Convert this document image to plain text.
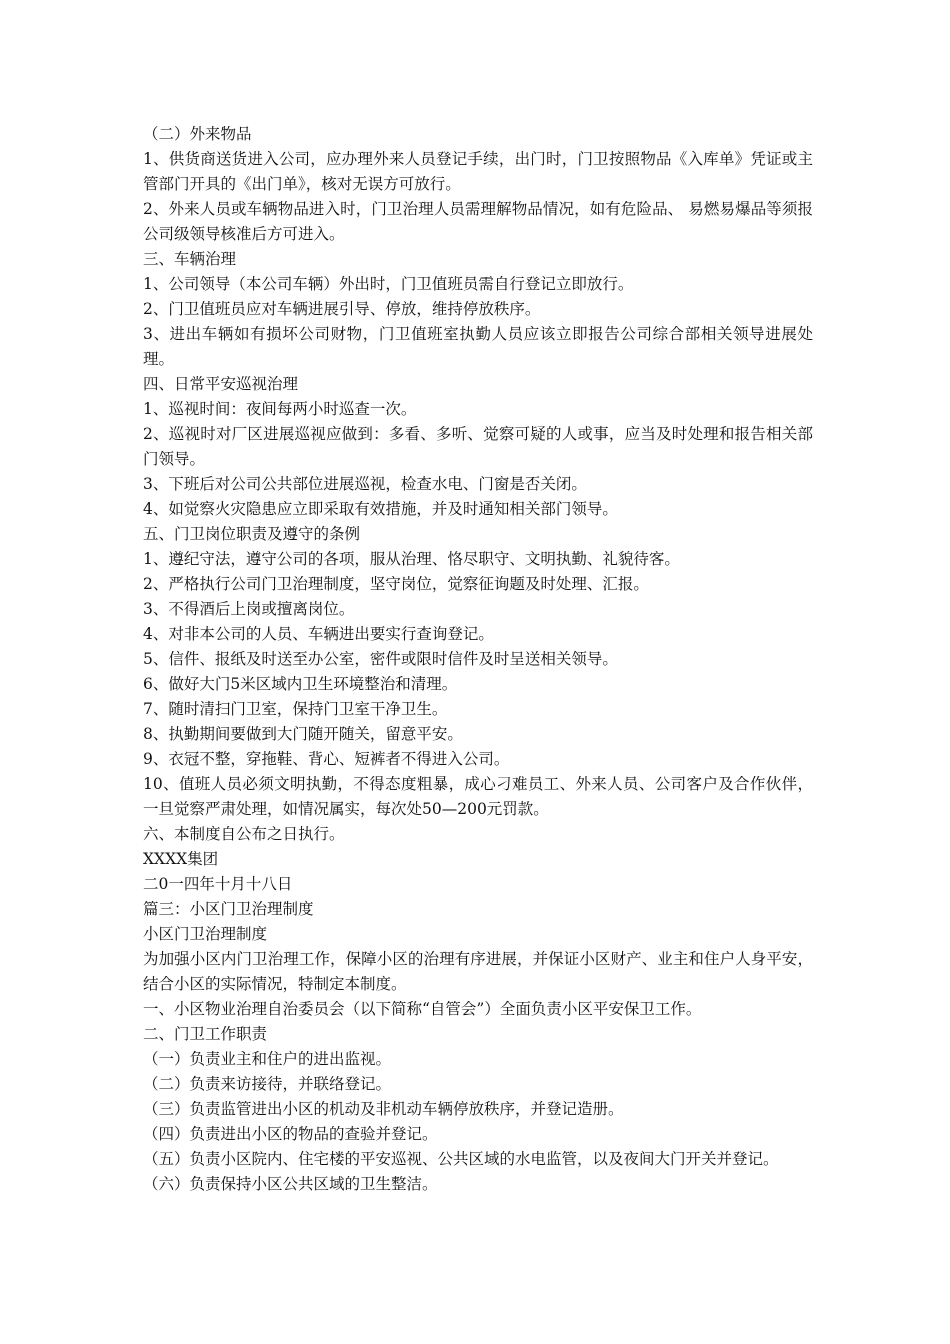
（二）外来物品
1、供货商送货进入公司，应办理外来人员登记手续，出门时，门卫按照物品《入库单》凭证或主管部门开具的《出门单》，核对无误方可放行。
2、外来人员或车辆物品进入时，门卫治理人员需理解物品情况，如有危险品、 易燃易爆品等须报公司级领导核准后方可进入。
三、车辆治理
1、公司领导（本公司车辆）外出时，门卫值班员需自行登记立即放行。
2、门卫值班员应对车辆进展引导、停放，维持停放秩序。
3、进出车辆如有损坏公司财物，门卫值班室执勤人员应该立即报告公司综合部相关领导进展处理。
四、日常平安巡视治理
1、巡视时间：夜间每两小时巡查一次。
2、巡视时对厂区进展巡视应做到：多看、多听、觉察可疑的人或事，应当及时处理和报告相关部门领导。
3、下班后对公司公共部位进展巡视，检查水电、门窗是否关闭。
4、如觉察火灾隐患应立即采取有效措施，并及时通知相关部门领导。
五、门卫岗位职责及遵守的条例
1、遵纪守法，遵守公司的各项，服从治理、恪尽职守、文明执勤、礼貌待客。
2、严格执行公司门卫治理制度，坚守岗位，觉察征询题及时处理、汇报。
3、不得酒后上岗或擅离岗位。
4、对非本公司的人员、车辆进出要实行查询登记。
5、信件、报纸及时送至办公室，密件或限时信件及时呈送相关领导。
6、做好大门5米区域内卫生环境整治和清理。
7、随时清扫门卫室，保持门卫室干净卫生。
8、执勤期间要做到大门随开随关，留意平安。
9、衣冠不整，穿拖鞋、背心、短裤者不得进入公司。
10、值班人员必须文明执勤，不得态度粗暴，成心刁难员工、外来人员、公司客户及合作伙伴，一旦觉察严肃处理，如情况属实，每次处50—200元罚款。
六、本制度自公布之日执行。
XXXX集团
二0一四年十月十八日
篇三：小区门卫治理制度
小区门卫治理制度
为加强小区内门卫治理工作，保障小区的治理有序进展，并保证小区财产、业主和住户人身平安，结合小区的实际情况，特制定本制度。
一、小区物业治理自治委员会（以下简称“自管会”）全面负责小区平安保卫工作。
二、门卫工作职责
（一）负责业主和住户的进出监视。
（二）负责来访接待，并联络登记。
（三）负责监管进出小区的机动及非机动车辆停放秩序，并登记造册。
（四）负责进出小区的物品的查验并登记。
（五）负责小区院内、住宅楼的平安巡视、公共区域的水电监管，以及夜间大门开关并登记。
（六）负责保持小区公共区域的卫生整洁。
